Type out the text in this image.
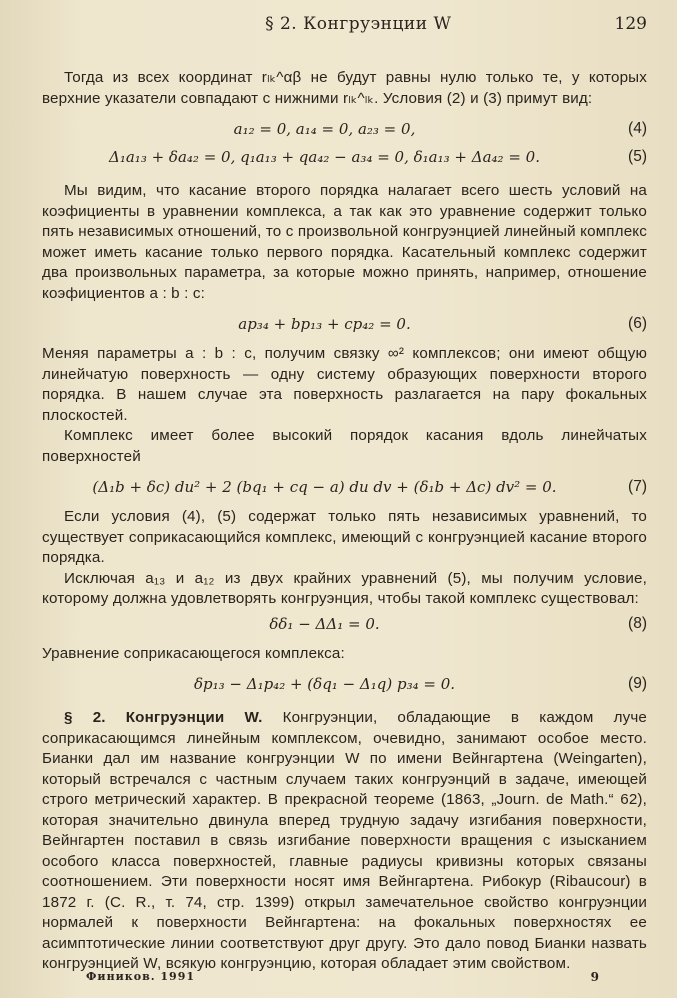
§ 2. Конгруэнции W	129

Тогда из всех координат rₗₖ^αβ не будут равны нулю только те, у которых верхние указатели совпадают с нижними rₗₖ^ₗₖ. Условия (2) и (3) примут вид:

a₁₂ = 0, a₁₄ = 0, a₂₃ = 0,	(4)
Δ₁a₁₃ + δa₄₂ = 0, q₁a₁₃ + qa₄₂ − a₃₄ = 0, δ₁a₁₃ + Δa₄₂ = 0.	(5)

Мы видим, что касание второго порядка налагает всего шесть условий на коэфициенты в уравнении комплекса, а так как это уравнение содержит только пять независимых отношений, то с произвольной конгруэнцией линейный комплекс может иметь касание только первого порядка. Касательный комплекс содержит два произвольных параметра, за которые можно принять, например, отношение коэфициентов a : b : c:

ap₃₄ + bp₁₃ + cp₄₂ = 0.	(6)

Меняя параметры a : b : c, получим связку ∞² комплексов; они имеют общую линейчатую поверхность — одну систему образующих поверхности второго порядка. В нашем случае эта поверхность разлагается на пару фокальных плоскостей.

Комплекс имеет более высокий порядок касания вдоль линейчатых поверхностей

(Δ₁b + δc) du² + 2 (bq₁ + cq − a) du dv + (δ₁b + Δc) dv² = 0.	(7)

Если условия (4), (5) содержат только пять независимых уравнений, то существует соприкасающийся комплекс, имеющий с конгруэнцией касание второго порядка.

Исключая a₁₃ и a₁₂ из двух крайних уравнений (5), мы получим условие, которому должна удовлетворять конгруэнция, чтобы такой комплекс существовал:

δδ₁ − ΔΔ₁ = 0.	(8)

Уравнение соприкасающегося комплекса:

δp₁₃ − Δ₁p₄₂ + (δq₁ − Δ₁q) p₃₄ = 0.	(9)

§ 2. Конгруэнции W. Конгруэнции, обладающие в каждом луче соприкасающимся линейным комплексом, очевидно, занимают особое место. Бианки дал им название конгруэнции W по имени Вейнгартена (Weingarten), который встречался с частным случаем таких конгруэнций в задаче, имеющей строго метрический характер. В прекрасной теореме (1863, „Journ. de Math.“ 62), которая значительно двинула вперед трудную задачу изгибания поверхности, Вейнгартен поставил в связь изгибание поверхности вращения с изысканием особого класса поверхностей, главные радиусы кривизны которых связаны соотношением. Эти поверхности носят имя Вейнгартена. Рибокур (Ribaucour) в 1872 г. (C. R., т. 74, стр. 1399) открыл замечательное свойство конгруэнции нормалей к поверхности Вейнгартена: на фокальных поверхностях ее асимптотические линии соответствуют друг другу. Это дало повод Бианки назвать конгруэнцией W, всякую конгруэнцию, которая обладает этим свойством.

Фиников. 1991	9
